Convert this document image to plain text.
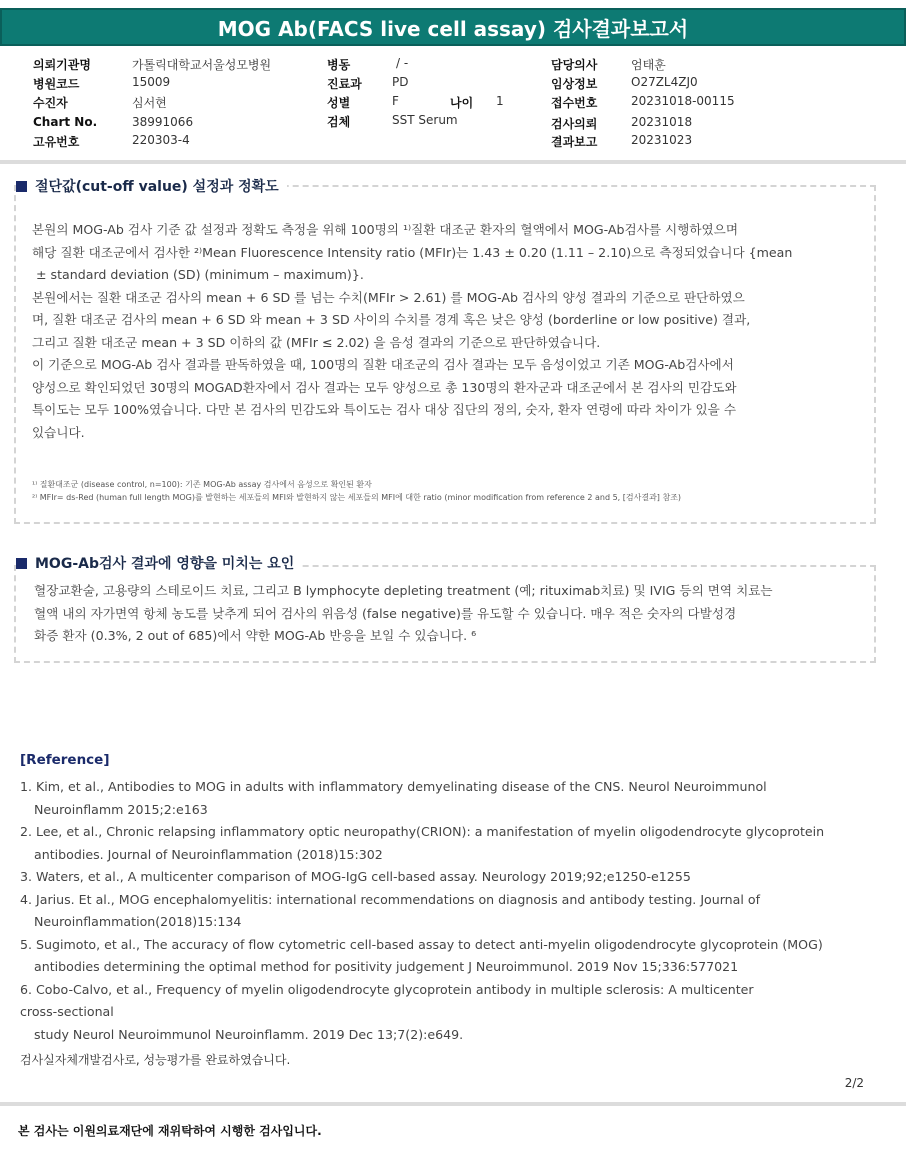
MOG Ab(FACS live cell assay) 검사결과보고서
의뢰기관명	가톨릭대학교서울성모병원
병원코드	15009
수진자	심서현
Chart No.	38991066
고유번호	220303-4
병동	/ -
진료과	PD
성별	F	나이 1
검체	SST Serum
담당의사	엄태훈
임상정보	O27ZL4ZJ0
접수번호	20231018-00115
검사의뢰	20231018
결과보고	20231023
절단값(cut-off value) 설정과 정확도

본원의 MOG-Ab 검사 기준 값 설정과 정확도 측정을 위해 100명의 ¹⁾질환 대조군 환자의 혈액에서 MOG-Ab검사를 시행하였으며

해당 질환 대조군에서 검사한 ²⁾Mean Fluorescence Intensity ratio (MFIr)는 1.43 ± 0.20 (1.11 – 2.10)으로 측정되었습니다 {mean

± standard deviation (SD) (minimum – maximum)}.

본원에서는 질환 대조군 검사의 mean + 6 SD 를 넘는 수치(MFIr > 2.61) 를 MOG-Ab 검사의 양성 결과의 기준으로 판단하였으

며, 질환 대조군 검사의 mean + 6 SD 와 mean + 3 SD 사이의 수치를 경계 혹은 낮은 양성 (borderline or low positive) 결과,

그리고 질환 대조군 mean + 3 SD 이하의 값 (MFIr ≤ 2.02) 을 음성 결과의 기준으로 판단하였습니다.

이 기준으로 MOG-Ab 검사 결과를 판독하였을 때, 100명의 질환 대조군의 검사 결과는 모두 음성이었고 기존 MOG-Ab검사에서

양성으로 확인되었던 30명의 MOGAD환자에서 검사 결과는 모두 양성으로 총 130명의 환자군과 대조군에서 본 검사의 민감도와

특이도는 모두 100%였습니다. 다만 본 검사의 민감도와 특이도는 검사 대상 집단의 정의, 숫자, 환자 연령에 따라 차이가 있을 수

있습니다.

¹⁾ 질환대조군 (disease control, n=100): 기존 MOG-Ab assay 검사에서 음성으로 확인된 환자
²⁾ MFIr= ds-Red (human full length MOG)를 발현하는 세포들의 MFI와 발현하지 않는 세포들의 MFI에 대한 ratio (minor modification from reference 2 and 5, [검사결과] 참조)
MOG-Ab검사 결과에 영향을 미치는 요인

혈장교환술, 고용량의 스테로이드 치료, 그리고 B lymphocyte depleting treatment (예; rituximab치료) 및 IVIG 등의 면역 치료는

혈액 내의 자가면역 항체 농도를 낮추게 되어 검사의 위음성 (false negative)를 유도할 수 있습니다. 매우 적은 숫자의 다발성경

화증 환자 (0.3%, 2 out of 685)에서 약한 MOG-Ab 반응을 보일 수 있습니다. ⁶

[Reference]
1. Kim, et al., Antibodies to MOG in adults with inflammatory demyelinating disease of the CNS. Neurol Neuroimmunol
Neuroinflamm 2015;2:e163
2. Lee, et al., Chronic relapsing inflammatory optic neuropathy(CRION): a manifestation of myelin oligodendrocyte glycoprotein
antibodies. Journal of Neuroinflammation (2018)15:302
3. Waters, et al., A multicenter comparison of MOG-IgG cell-based assay. Neurology 2019;92;e1250-e1255
4. Jarius. Et al., MOG encephalomyelitis: international recommendations on diagnosis and antibody testing. Journal of
Neuroinflammation(2018)15:134
5. Sugimoto, et al., The accuracy of flow cytometric cell-based assay to detect anti-myelin oligodendrocyte glycoprotein (MOG)
antibodies determining the optimal method for positivity judgement J Neuroimmunol. 2019 Nov 15;336:577021
6. Cobo-Calvo, et al., Frequency of myelin oligodendrocyte glycoprotein antibody in multiple sclerosis: A multicenter
cross-sectional
study Neurol Neuroimmunol Neuroinflamm. 2019 Dec 13;7(2):e649.
검사실자체개발검사로, 성능평가를 완료하였습니다.
2/2
본 검사는 이원의료재단에 재위탁하여 시행한 검사입니다.
